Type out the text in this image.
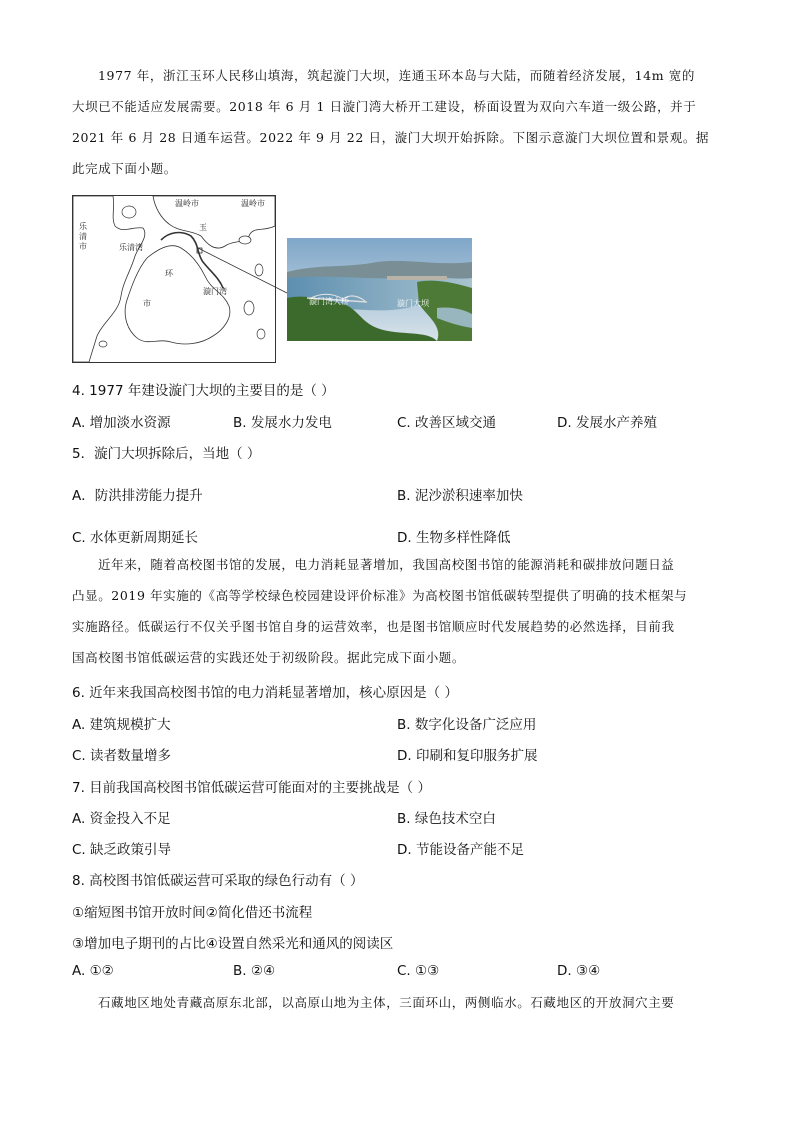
1977 年，浙江玉环人民移山填海，筑起漩门大坝，连通玉环本岛与大陆，而随着经济发展，14m 宽的
大坝已不能适应发展需要。2018 年 6 月 1 日漩门湾大桥开工建设，桥面设置为双向六车道一级公路，并于
2021 年 6 月 28 日通车运营。2022 年 9 月 22 日，漩门大坝开始拆除。下图示意漩门大坝位置和景观。据
此完成下面小题。
温岭市	温岭市
乐清市	乐清湾
玉
环
市
漩门湾
漩门湾大桥	漩门大坝
4. 1977 年建设漩门大坝的主要目的是（ ）
A. 增加淡水资源	B. 发展水力发电	C. 改善区域交通	D. 发展水产养殖
5．漩门大坝拆除后，当地（ ）
A．防洪排涝能力提升	B. 泥沙淤积速率加快
C. 水体更新周期延长	D. 生物多样性降低
近年来，随着高校图书馆的发展，电力消耗显著增加，我国高校图书馆的能源消耗和碳排放问题日益
凸显。2019 年实施的《高等学校绿色校园建设评价标准》为高校图书馆低碳转型提供了明确的技术框架与
实施路径。低碳运行不仅关乎图书馆自身的运营效率，也是图书馆顺应时代发展趋势的必然选择，目前我
国高校图书馆低碳运营的实践还处于初级阶段。据此完成下面小题。
6. 近年来我国高校图书馆的电力消耗显著增加，核心原因是（ ）
A. 建筑规模扩大	B. 数字化设备广泛应用
C. 读者数量增多	D. 印刷和复印服务扩展
7. 目前我国高校图书馆低碳运营可能面对的主要挑战是（ ）
A. 资金投入不足	B. 绿色技术空白
C. 缺乏政策引导	D. 节能设备产能不足
8. 高校图书馆低碳运营可采取的绿色行动有（ ）
①缩短图书馆开放时间②简化借还书流程
③增加电子期刊的占比④设置自然采光和通风的阅读区
A. ①②	B. ②④	C. ①③	D. ③④
石藏地区地处青藏高原东北部，以高原山地为主体，三面环山，两侧临水。石藏地区的开放洞穴主要
